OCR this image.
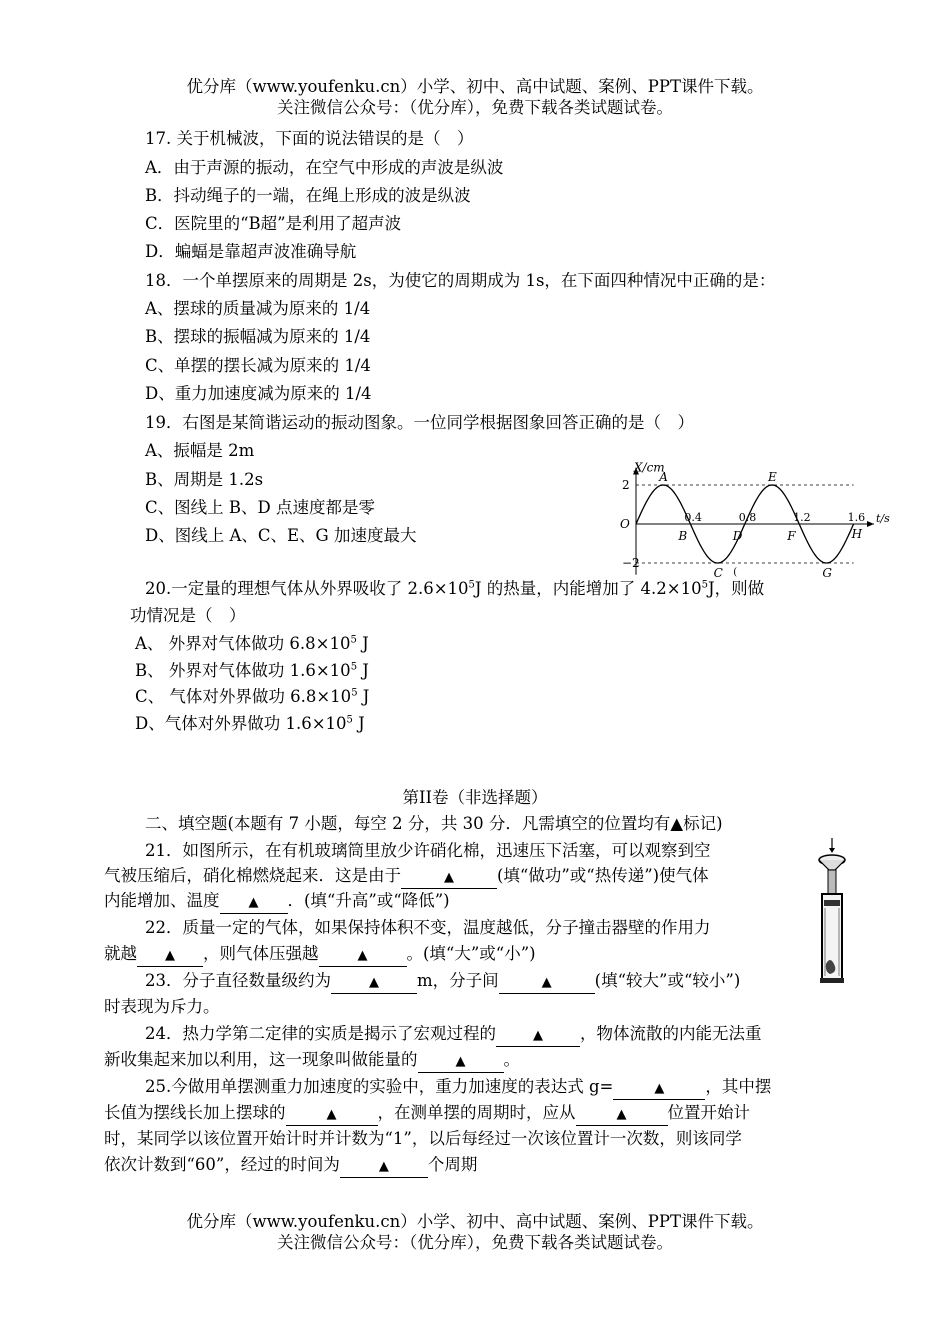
优分库（www.youfenku.cn）小学、初中、高中试题、案例、PPT课件下载。
关注微信公众号：（优分库），免费下载各类试题试卷。
17. 关于机械波，下面的说法错误的是（　）
A．由于声源的振动，在空气中形成的声波是纵波
B．抖动绳子的一端，在绳上形成的波是纵波
C．医院里的“B超”是利用了超声波
D．蝙蝠是靠超声波准确导航
18．一个单摆原来的周期是 2s，为使它的周期成为 1s，在下面四种情况中正确的是：
A、摆球的质量减为原来的 1/4
B、摆球的振幅减为原来的 1/4
C、单摆的摆长减为原来的 1/4
D、重力加速度减为原来的 1/4
19．右图是某简谐运动的振动图象。一位同学根据图象回答正确的是（　）
A、振幅是 2m
B、周期是 1.2s
C、图线上 B、D 点速度都是零
D、图线上 A、C、E、G 加速度最大
X/cm
t/s
O
2
−2
0.4	0.8	1.2	1.6
A
B
C
D
E
F
G
H
(
20.一定量的理想气体从外界吸收了 $2.6\times 10^5J$ 的热量，内能增加了 $4.2\times 10^5J$，则做
功情况是（　）
A、 外界对气体做功 $6.8\times 10^5$ J
B、 外界对气体做功 $1.6\times 10^5$ J
C、 气体对外界做功 $6.8\times 10^5$ J
D、气体对外界做功 $1.6\times 10^5$ J
第II卷（非选择题）
二、填空题(本题有 7 小题，每空 2 分，共 30 分．凡需填空的位置均有▲标记)
21．如图所示，在有机玻璃筒里放少许硝化棉，迅速压下活塞，可以观察到空
气被压缩后，硝化棉燃烧起来．这是由于	▲	(填“做功”或“热传递”)使气体
内能增加、温度 ▲ ．(填“升高”或“降低”)
22．质量一定的气体，如果保持体积不变，温度越低，分子撞击器壁的作用力
就越 ▲ ，则气体压强越	▲ 。(填“大”或“小”)
23．分子直径数量级约为	▲ m，分子间	▲	(填“较大”或“较小”)
时表现为斥力。
24．热力学第二定律的实质是揭示了宏观过程的	▲ ，物体流散的内能无法重
新收集起来加以利用，这一现象叫做能量的	▲ 。
25.今做用单摆测重力加速度的实验中，重力加速度的表达式 g=	▲ ，其中摆
长值为摆线长加上摆球的	▲ ，在测单摆的周期时，应从	▲ 位置开始计
时，某同学以该位置开始计时并计数为“1”，以后每经过一次该位置计一次数，则该同学
依次计数到“60”，经过的时间为	▲ 个周期
优分库（www.youfenku.cn）小学、初中、高中试题、案例、PPT课件下载。
关注微信公众号：（优分库），免费下载各类试题试卷。
